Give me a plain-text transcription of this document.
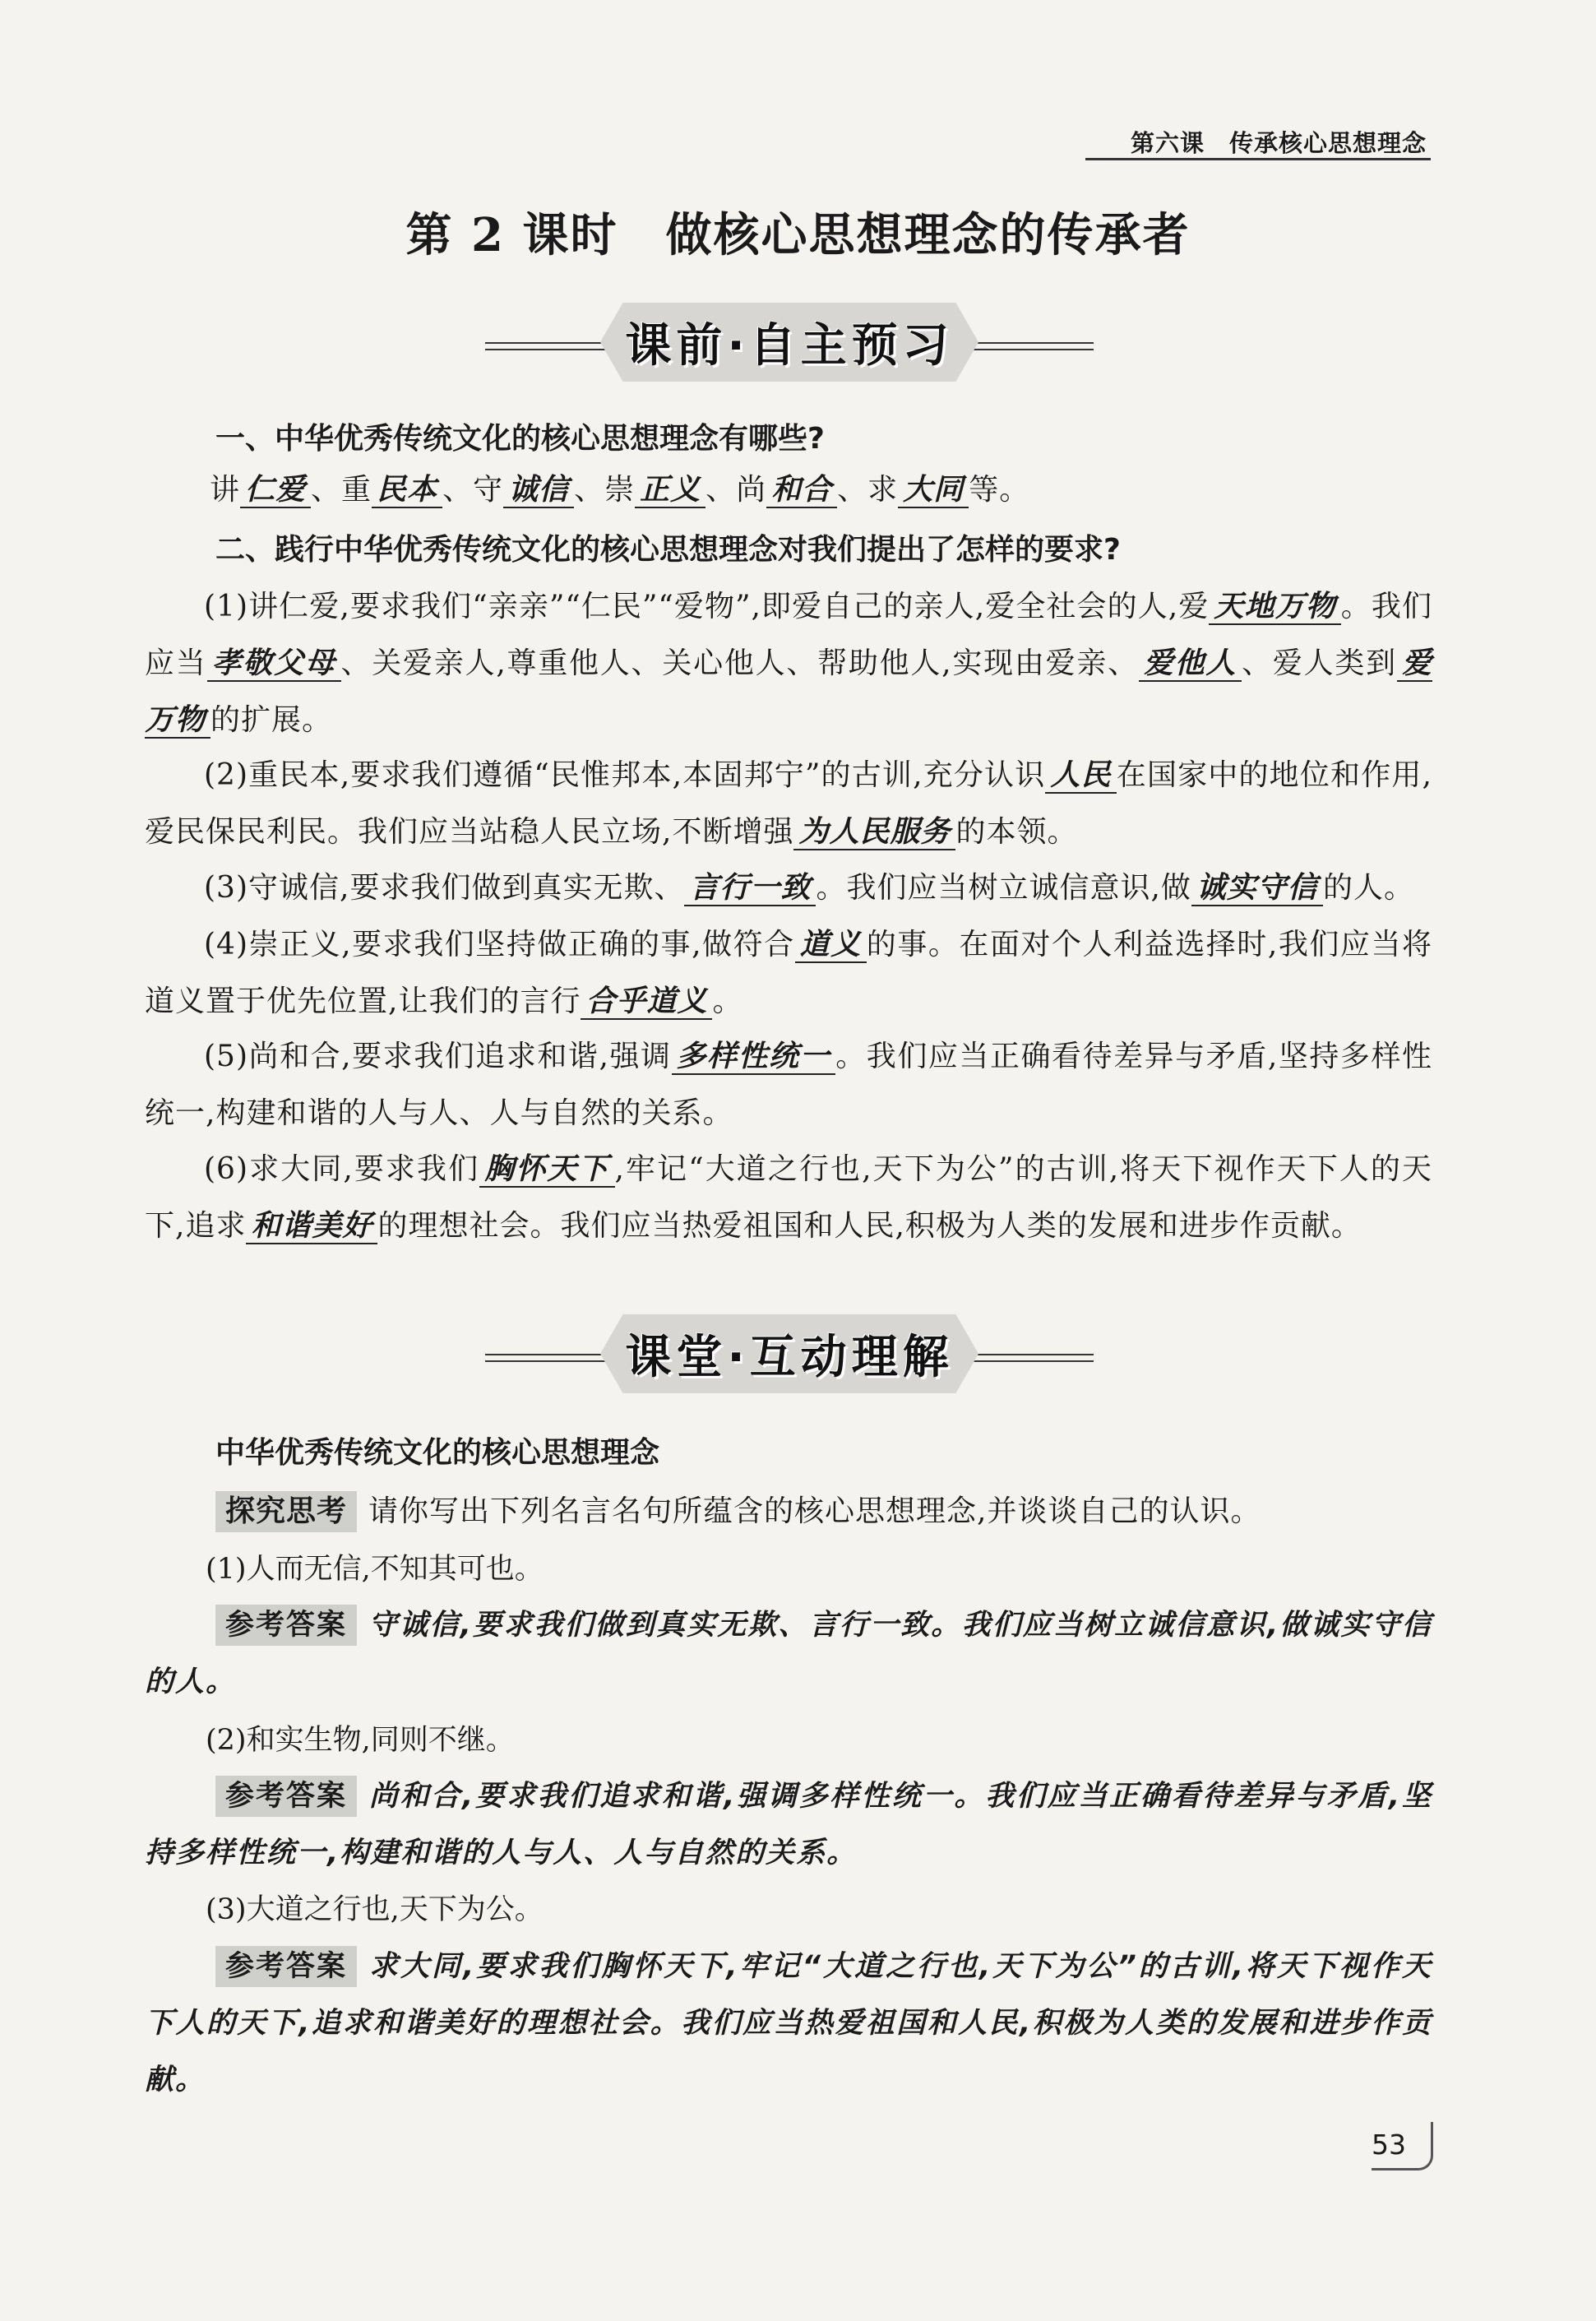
第六课　传承核心思想理念
第 2 课时　做核心思想理念的传承者
课前·自主预习
一、中华优秀传统文化的核心思想理念有哪些?
讲 仁爱 、重 民本 、守 诚信 、崇 正义 、尚 和合 、求 大同 等。
二、践行中华优秀传统文化的核心思想理念对我们提出了怎样的要求?
(1)讲仁爱,要求我们“亲亲”“仁民”“爱物”,即爱自己的亲人,爱全社会的人,爱 天地万物 。我们应当 孝敬父母 、关爱亲人,尊重他人、关心他人、帮助他人,实现由爱亲、 爱他人 、爱人类到 爱万物 的扩展。
(2)重民本,要求我们遵循“民惟邦本,本固邦宁”的古训,充分认识 人民 在国家中的地位和作用,爱民保民利民。我们应当站稳人民立场,不断增强 为人民服务 的本领。
(3)守诚信,要求我们做到真实无欺、 言行一致 。我们应当树立诚信意识,做 诚实守信 的人。
(4)崇正义,要求我们坚持做正确的事,做符合 道义 的事。在面对个人利益选择时,我们应当将道义置于优先位置,让我们的言行 合乎道义 。
(5)尚和合,要求我们追求和谐,强调 多样性统一 。我们应当正确看待差异与矛盾,坚持多样性统一,构建和谐的人与人、人与自然的关系。
(6)求大同,要求我们 胸怀天下 ,牢记“大道之行也,天下为公”的古训,将天下视作天下人的天下,追求 和谐美好 的理想社会。我们应当热爱祖国和人民,积极为人类的发展和进步作贡献。
课堂·互动理解
中华优秀传统文化的核心思想理念
探究思考 请你写出下列名言名句所蕴含的核心思想理念,并谈谈自己的认识。
(1)人而无信,不知其可也。
参考答案 守诚信,要求我们做到真实无欺、言行一致。我们应当树立诚信意识,做诚实守信的人。
(2)和实生物,同则不继。
参考答案 尚和合,要求我们追求和谐,强调多样性统一。我们应当正确看待差异与矛盾,坚持多样性统一,构建和谐的人与人、人与自然的关系。
(3)大道之行也,天下为公。
参考答案 求大同,要求我们胸怀天下,牢记“大道之行也,天下为公”的古训,将天下视作天下人的天下,追求和谐美好的理想社会。我们应当热爱祖国和人民,积极为人类的发展和进步作贡献。
53
